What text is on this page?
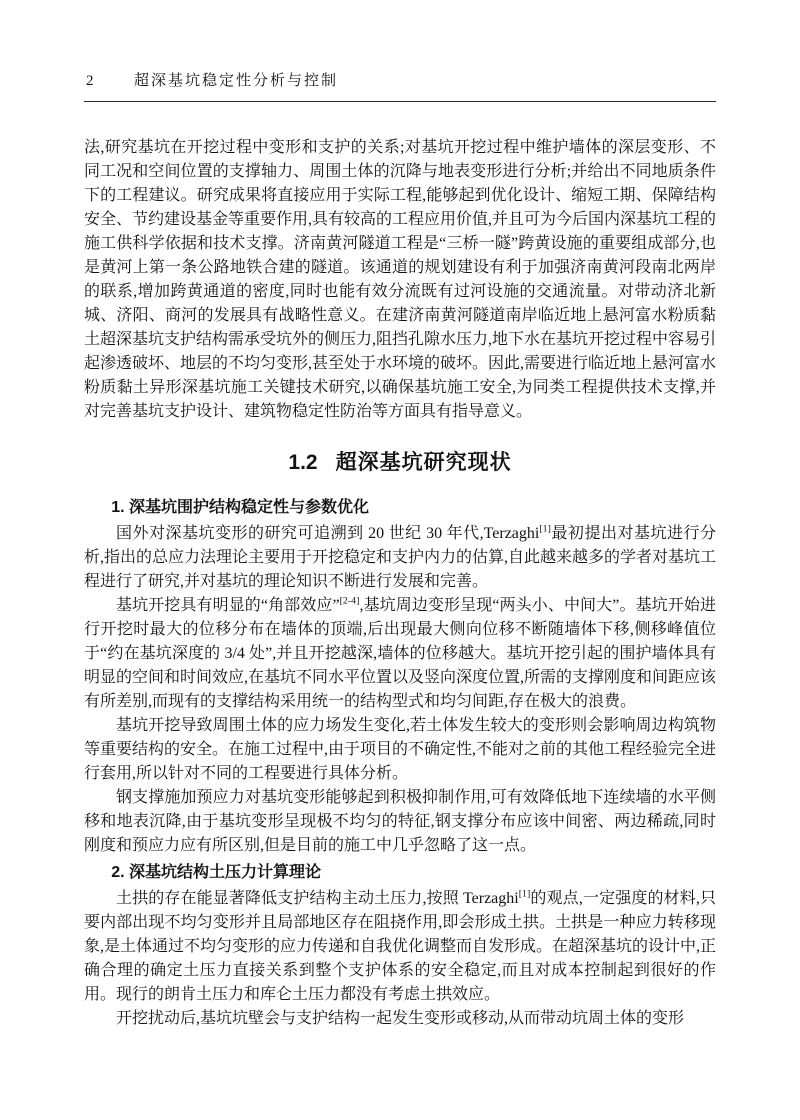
2	超深基坑稳定性分析与控制

法,研究基坑在开挖过程中变形和支护的关系;对基坑开挖过程中维护墙体的深层变形、不同工况和空间位置的支撑轴力、周围土体的沉降与地表变形进行分析;并给出不同地质条件下的工程建议。研究成果将直接应用于实际工程,能够起到优化设计、缩短工期、保障结构安全、节约建设基金等重要作用,具有较高的工程应用价值,并且可为今后国内深基坑工程的施工供科学依据和技术支撑。济南黄河隧道工程是“三桥一隧”跨黄设施的重要组成部分,也是黄河上第一条公路地铁合建的隧道。该通道的规划建设有利于加强济南黄河段南北两岸的联系,增加跨黄通道的密度,同时也能有效分流既有过河设施的交通流量。对带动济北新城、济阳、商河的发展具有战略性意义。在建济南黄河隧道南岸临近地上悬河富水粉质黏土超深基坑支护结构需承受坑外的侧压力,阻挡孔隙水压力,地下水在基坑开挖过程中容易引起渗透破坏、地层的不均匀变形,甚至处于水环境的破坏。因此,需要进行临近地上悬河富水粉质黏土异形深基坑施工关键技术研究,以确保基坑施工安全,为同类工程提供技术支撑,并对完善基坑支护设计、建筑物稳定性防治等方面具有指导意义。

1.2 超深基坑研究现状
1. 深基坑围护结构稳定性与参数优化

国外对深基坑变形的研究可追溯到 20 世纪 30 年代,Terzaghi[1]最初提出对基坑进行分析,指出的总应力法理论主要用于开挖稳定和支护内力的估算,自此越来越多的学者对基坑工程进行了研究,并对基坑的理论知识不断进行发展和完善。

基坑开挖具有明显的“角部效应”[2-4],基坑周边变形呈现“两头小、中间大”。基坑开始进行开挖时最大的位移分布在墙体的顶端,后出现最大侧向位移不断随墙体下移,侧移峰值位于“约在基坑深度的 3/4 处”,并且开挖越深,墙体的位移越大。基坑开挖引起的围护墙体具有明显的空间和时间效应,在基坑不同水平位置以及竖向深度位置,所需的支撑刚度和间距应该有所差别,而现有的支撑结构采用统一的结构型式和均匀间距,存在极大的浪费。

基坑开挖导致周围土体的应力场发生变化,若土体发生较大的变形则会影响周边构筑物等重要结构的安全。在施工过程中,由于项目的不确定性,不能对之前的其他工程经验完全进行套用,所以针对不同的工程要进行具体分析。

钢支撑施加预应力对基坑变形能够起到积极抑制作用,可有效降低地下连续墙的水平侧移和地表沉降,由于基坑变形呈现极不均匀的特征,钢支撑分布应该中间密、两边稀疏,同时刚度和预应力应有所区别,但是目前的施工中几乎忽略了这一点。

2. 深基坑结构土压力计算理论

土拱的存在能显著降低支护结构主动土压力,按照 Terzaghi[1]的观点,一定强度的材料,只要内部出现不均匀变形并且局部地区存在阻挠作用,即会形成土拱。土拱是一种应力转移现象,是土体通过不均匀变形的应力传递和自我优化调整而自发形成。在超深基坑的设计中,正确合理的确定土压力直接关系到整个支护体系的安全稳定,而且对成本控制起到很好的作用。现行的朗肯土压力和库仑土压力都没有考虑土拱效应。

开挖扰动后,基坑坑壁会与支护结构一起发生变形或移动,从而带动坑周土体的变形
